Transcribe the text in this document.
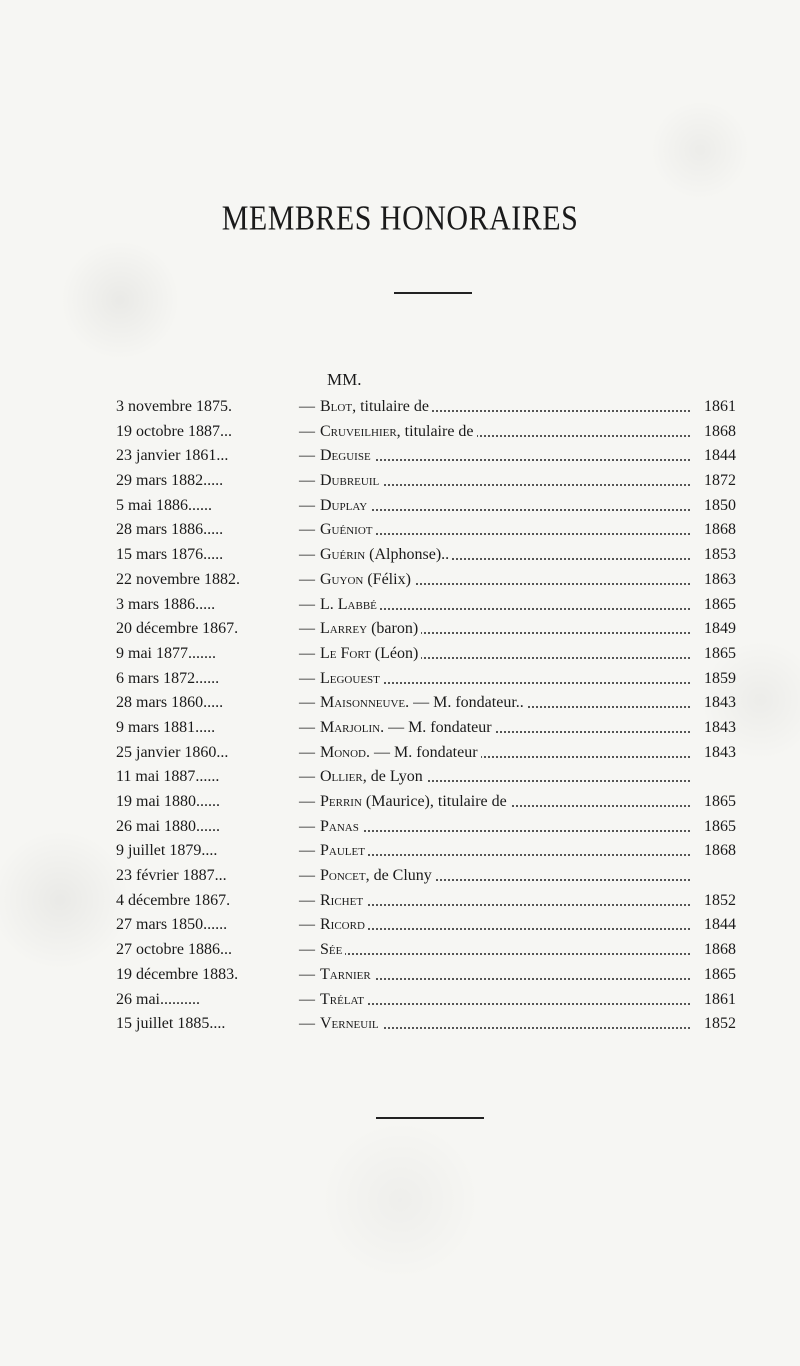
MEMBRES HONORAIRES
MM.
3 novembre 1875.	— Blot, titulaire de	1861
19 octobre 1887...	— Cruveilhier, titulaire de	1868
23 janvier 1861...	— Deguise	1844
29 mars 1882.....	— Dubreuil	1872
5 mai 1886......	— Duplay	1850
28 mars 1886.....	— Guéniot	1868
15 mars 1876.....	— Guérin (Alphonse)..	1853
22 novembre 1882.	— Guyon (Félix)	1863
3 mars 1886.....	— L. Labbé	1865
20 décembre 1867.	— Larrey (baron)	1849
9 mai 1877.......	— Le Fort (Léon)	1865
6 mars 1872......	— Legouest	1859
28 mars 1860.....	— Maisonneuve. — M. fondateur..	1843
9 mars 1881.....	— Marjolin. — M. fondateur	1843
25 janvier 1860...	— Monod. — M. fondateur	1843
11 mai 1887......	— Ollier, de Lyon
19 mai 1880......	— Perrin (Maurice), titulaire de	1865
26 mai 1880......	— Panas	1865
9 juillet 1879....	— Paulet	1868
23 février 1887...	— Poncet, de Cluny
4 décembre 1867.	— Richet	1852
27 mars 1850......	— Ricord	1844
27 octobre 1886...	— Sée	1868
19 décembre 1883.	— Tarnier	1865
26 mai..........	— Trélat	1861
15 juillet 1885....	— Verneuil	1852
